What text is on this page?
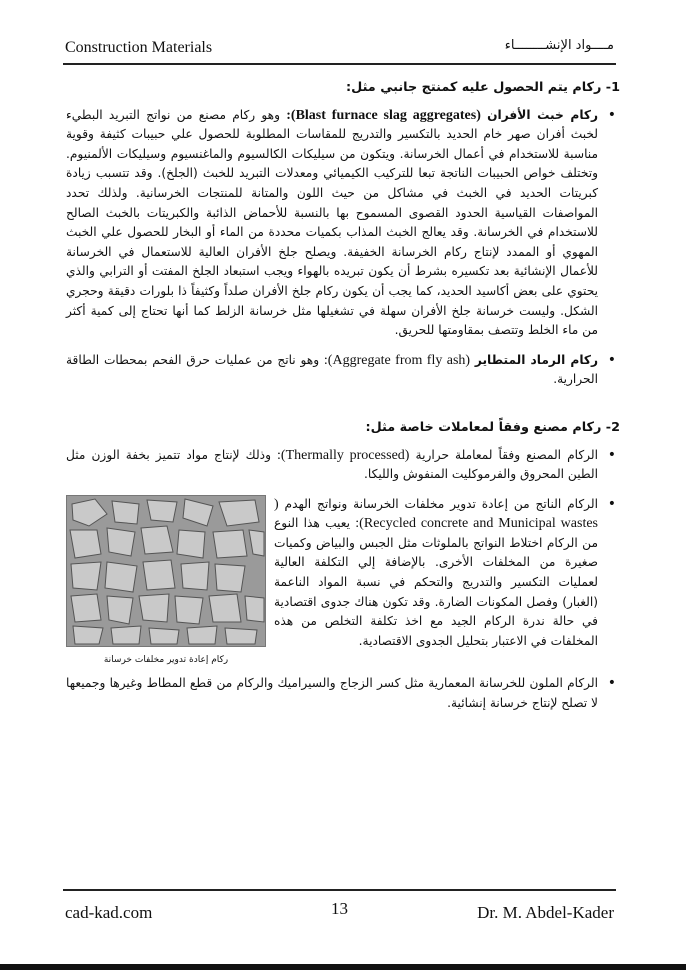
Construction Materials	مــــواد الإنشــــــــاء
1- ركام يتم الحصول عليه كمنتج جانبي مثل:
• ركام خبث الأفران (Blast furnace slag aggregates): وهو ركام مصنع من نواتج التبريد البطيء لخبث أفران صهر خام الحديد بالتكسير والتدريج للمقاسات المطلوبة للحصول علي حبيبات كثيفة وقوية مناسبة للاستخدام في أعمال الخرسانة. ويتكون من سيليكات الكالسيوم والماغنسيوم وسيليكات الألمنيوم. وتختلف خواص الحبيبات الناتجة تبعا للتركيب الكيميائي ومعدلات التبريد للخبث (الجلخ). وقد تتسبب زيادة كبريتات الحديد في الخبث في مشاكل من حيث اللون والمتانة للمنتجات الخرسانية. ولذلك تحدد المواصفات القياسية الحدود القصوى المسموح بها بالنسبة للأحماض الذائبة والكبريتات بالخبث الصالح للاستخدام في الخرسانة. وقد يعالج الخبث المذاب بكميات محددة من الماء أو البخار للحصول علي الخبث المهوي أو الممدد لإنتاج ركام الخرسانة الخفيفة. ويصلح جلخ الأفران العالية للاستعمال في الخرسانة للأعمال الإنشائية بعد تكسيره بشرط أن يكون تبريده بالهواء ويجب استبعاد الجلخ المفتت أو الترابي والذي يحتوي على بعض أكاسيد الحديد، كما يجب أن يكون ركام جلخ الأفران صلداً وكثيفاً ذا بلورات دقيقة وحجري الشكل. وليست خرسانة جلخ الأفران سهلة في تشغيلها مثل خرسانة الزلط كما أنها تحتاج إلى كمية أكثر من ماء الخلط وتتصف بمقاومتها للحريق.
• ركام الرماد المتطاير (Aggregate from fly ash): وهو ناتج من عمليات حرق الفحم بمحطات الطاقة الحرارية.
2- ركام مصنع وفقاً لمعاملات خاصة مثل:
• الركام المصنع وفقاً لمعاملة حرارية (Thermally processed): وذلك لإنتاج مواد تتميز بخفة الوزن مثل الطين المحروق والفرموكليت المنفوش والليكا.
• ركام إعادة تدوير مخلفات خرسانة
الركام الناتج من إعادة تدوير مخلفات الخرسانة ونواتج الهدم ( Recycled concrete and Municipal wastes): يعيب هذا النوع من الركام اختلاط النواتج بالملوثات مثل الجبس والبياض وكميات صغيرة من المخلفات الأخرى. بالإضافة إلي التكلفة العالية لعمليات التكسير والتدريج والتحكم في نسبة المواد الناعمة (الغبار) وفصل المكونات الضارة. وقد تكون هناك جدوى اقتصادية في حالة ندرة الركام الجيد مع اخذ تكلفة التخلص من هذه المخلفات في الاعتبار بتحليل الجدوى الاقتصادية.
• الركام الملون للخرسانة المعمارية مثل كسر الزجاج والسيراميك والركام من قطع المطاط وغيرها وجميعها لا تصلح لإنتاج خرسانة إنشائية.
cad-kad.com	13	Dr. M. Abdel-Kader
